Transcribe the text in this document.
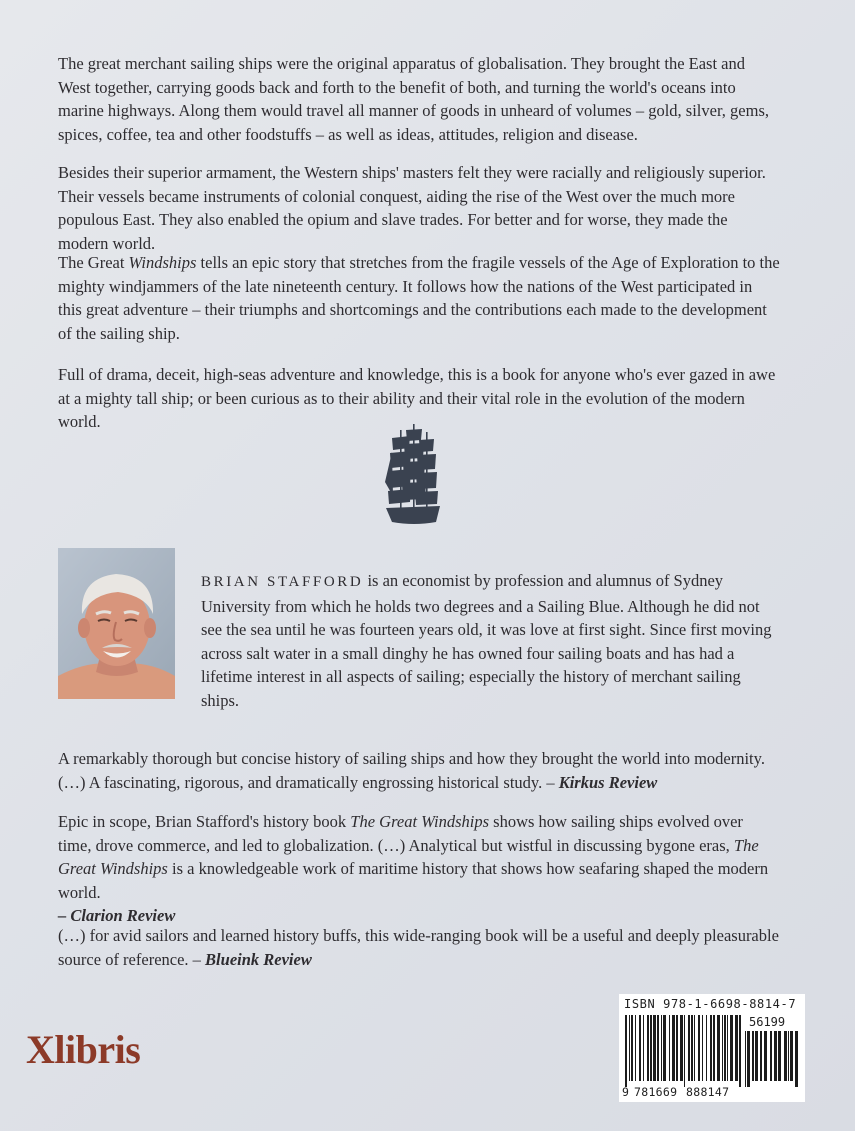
The great merchant sailing ships were the original apparatus of globalisation. They brought the East and West together, carrying goods back and forth to the benefit of both, and turning the world's oceans into marine highways. Along them would travel all manner of goods in unheard of volumes – gold, silver, gems, spices, coffee, tea and other foodstuffs – as well as ideas, attitudes, religion and disease.

Besides their superior armament, the Western ships' masters felt they were racially and religiously superior. Their vessels became instruments of colonial conquest, aiding the rise of the West over the much more populous East. They also enabled the opium and slave trades. For better and for worse, they made the modern world.

The Great Windships tells an epic story that stretches from the fragile vessels of the Age of Exploration to the mighty windjammers of the late nineteenth century. It follows how the nations of the West participated in this great adventure – their triumphs and shortcomings and the contributions each made to the development of the sailing ship.

Full of drama, deceit, high-seas adventure and knowledge, this is a book for anyone who's ever gazed in awe at a mighty tall ship; or been curious as to their ability and their vital role in the evolution of the modern world.

BRIAN STAFFORD is an economist by profession and alumnus of Sydney University from which he holds two degrees and a Sailing Blue. Although he did not see the sea until he was fourteen years old, it was love at first sight. Since first moving across salt water in a small dinghy he has owned four sailing boats and has had a lifetime interest in all aspects of sailing; especially the history of merchant sailing ships.

A remarkably thorough but concise history of sailing ships and how they brought the world into modernity. (…) A fascinating, rigorous, and dramatically engrossing historical study. – Kirkus Review

Epic in scope, Brian Stafford's history book The Great Windships shows how sailing ships evolved over time, drove commerce, and led to globalization. (…) Analytical but wistful in discussing bygone eras, The Great Windships is a knowledgeable work of maritime history that shows how seafaring shaped the modern world.
– Clarion Review

(…) for avid sailors and learned history buffs, this wide-ranging book will be a useful and deeply pleasurable source of reference. – Blueink Review

Xlibris
ISBN 978-1-6698-8814-7
56199
9 781669 888147
